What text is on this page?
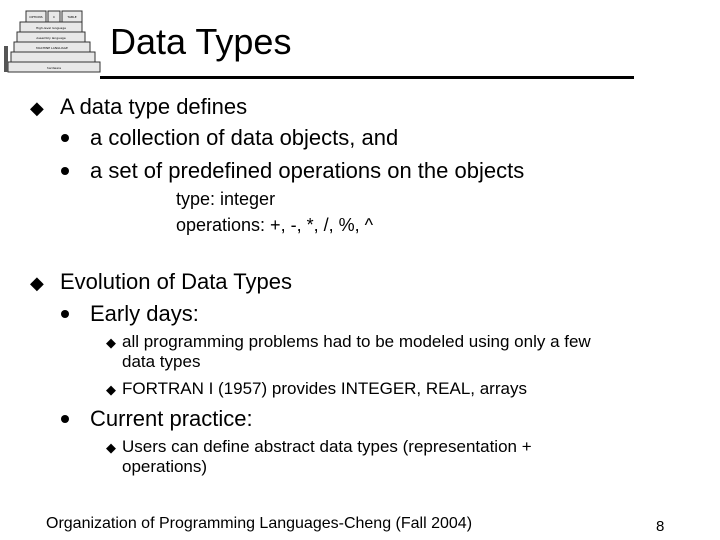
OPTIONS	C	TABLE
High-level language
Assembly language
MACHINE LANGUAGE
hardware
Data Types
◆ A data type defines
a collection of data objects, and
a set of predefined operations on the objects
type: integer
operations: +, -, *, /, %, ^
◆ Evolution of Data Types
Early days:
◆ all programming problems had to be modeled using only a few
data types
◆ FORTRAN I (1957) provides INTEGER, REAL, arrays
Current practice:
◆ Users can define abstract data types (representation +
operations)
Organization of Programming Languages-Cheng (Fall 2004)	8
